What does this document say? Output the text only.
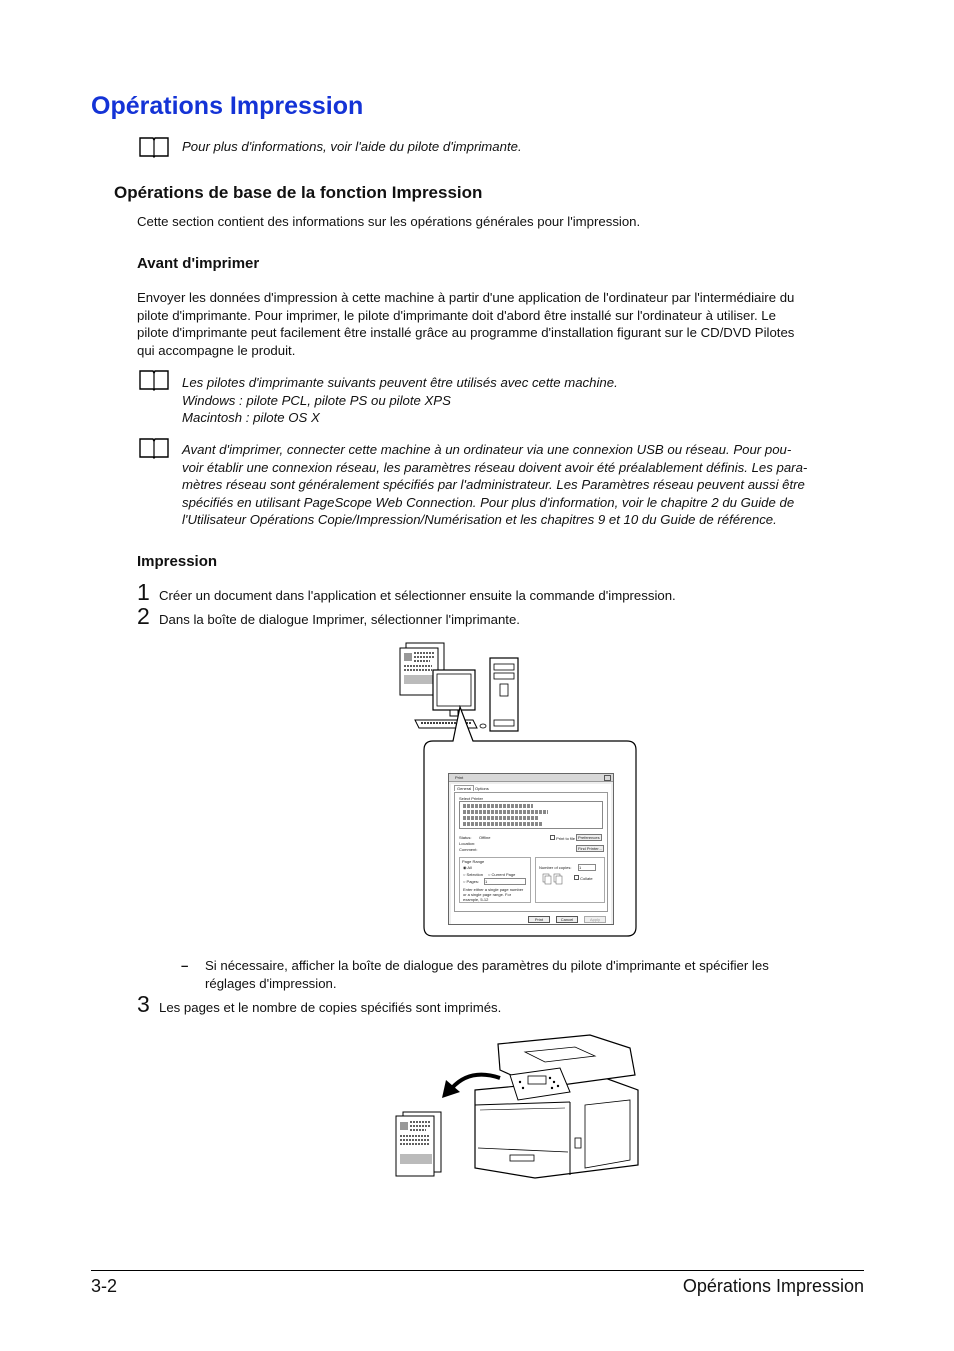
Opérations Impression
Pour plus d'informations, voir l'aide du pilote d'imprimante.
Opérations de base de la fonction Impression
Cette section contient des informations sur les opérations générales pour l'impression.
Avant d'imprimer
Envoyer les données d'impression à cette machine à partir d'une application de l'ordinateur par l'intermédiaire du
pilote d'imprimante. Pour imprimer, le pilote d'imprimante doit d'abord être installé sur l'ordinateur à utiliser. Le
pilote d'imprimante peut facilement être installé grâce au programme d'installation figurant sur le CD/DVD Pilotes
qui accompagne le produit.
Les pilotes d'imprimante suivants peuvent être utilisés avec cette machine.
Windows : pilote PCL, pilote PS ou pilote XPS
Macintosh : pilote OS X
Avant d'imprimer, connecter cette machine à un ordinateur via une connexion USB ou réseau. Pour pou-
voir établir une connexion réseau, les paramètres réseau doivent avoir été préalablement définis. Les para-
mètres réseau sont généralement spécifiés par l'administrateur. Les Paramètres réseau peuvent aussi être
spécifiés en utilisant PageScope Web Connection. Pour plus d'information, voir le chapitre 2 du Guide de
l'Utilisateur Opérations Copie/Impression/Numérisation et les chapitres 9 et 10 du Guide de référence.
Impression
1 Créer un document dans l'application et sélectionner ensuite la commande d'impression.
2 Dans la boîte de dialogue Imprimer, sélectionner l'imprimante.
Print
General Options
Select Printer
Status: Offline
Location:
Comment:
Print to file Preferences
Find Printer...
Page Range
◉ All
○ Selection ○ Current Page
○ Pages: 1
Enter either a single page number or a single page range. For example, 5-12
Number of copies: 1
Collate
Print	Cancel	Apply
– Si nécessaire, afficher la boîte de dialogue des paramètres du pilote d'imprimante et spécifier les
réglages d'impression.
3 Les pages et le nombre de copies spécifiés sont imprimés.
3-2	Opérations Impression
